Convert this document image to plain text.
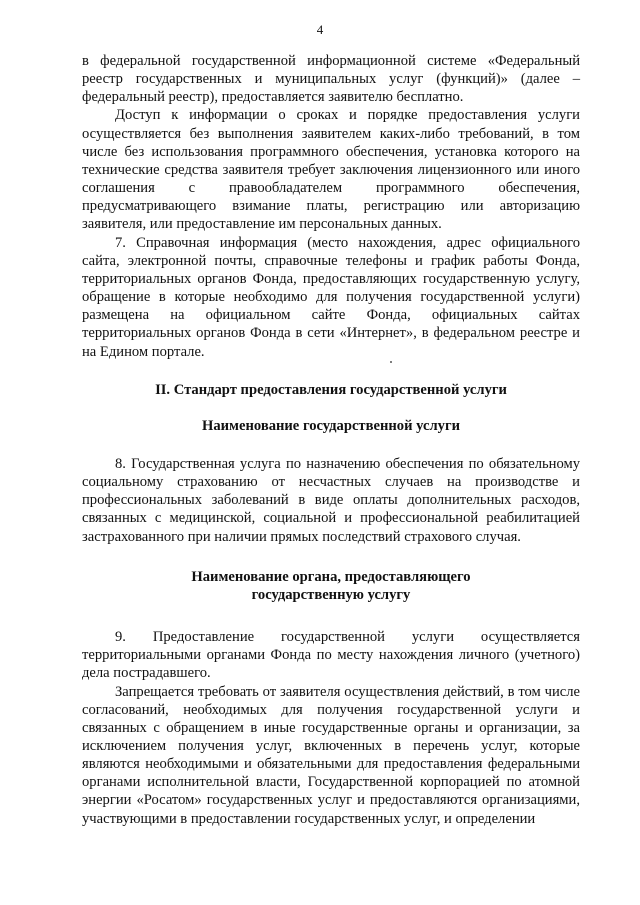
4

в федеральной государственной информационной системе «Федеральный реестр государственных и муниципальных услуг (функций)» (далее – федеральный реестр), предоставляется заявителю бесплатно.

Доступ к информации о сроках и порядке предоставления услуги осуществляется без выполнения заявителем каких-либо требований, в том числе без использования программного обеспечения, установка которого на технические средства заявителя требует заключения лицензионного или иного соглашения с правообладателем программного обеспечения, предусматривающего взимание платы, регистрацию или авторизацию заявителя, или предоставление им персональных данных.

7. Справочная информация (место нахождения, адрес официального сайта, электронной почты, справочные телефоны и график работы Фонда, территориальных органов Фонда, предоставляющих государственную услугу, обращение в которые необходимо для получения государственной услуги) размещена на официальном сайте Фонда, официальных сайтах территориальных органов Фонда в сети «Интернет», в федеральном реестре и на Едином портале.

II. Стандарт предоставления государственной услуги

Наименование государственной услуги

8. Государственная услуга по назначению обеспечения по обязательному социальному страхованию от несчастных случаев на производстве и профессиональных заболеваний в виде оплаты дополнительных расходов, связанных с медицинской, социальной и профессиональной реабилитацией застрахованного при наличии прямых последствий страхового случая.

Наименование органа, предоставляющего

государственную услугу

9. Предоставление государственной услуги осуществляется территориальными органами Фонда по месту нахождения личного (учетного) дела пострадавшего.

Запрещается требовать от заявителя осуществления действий, в том числе согласований, необходимых для получения государственной услуги и связанных с обращением в иные государственные органы и организации, за исключением получения услуг, включенных в перечень услуг, которые являются необходимыми и обязательными для предоставления федеральными органами исполнительной власти, Государственной корпорацией по атомной энергии «Росатом» государственных услуг и предоставляются организациями, участвующими в предоставлении государственных услуг, и определении
